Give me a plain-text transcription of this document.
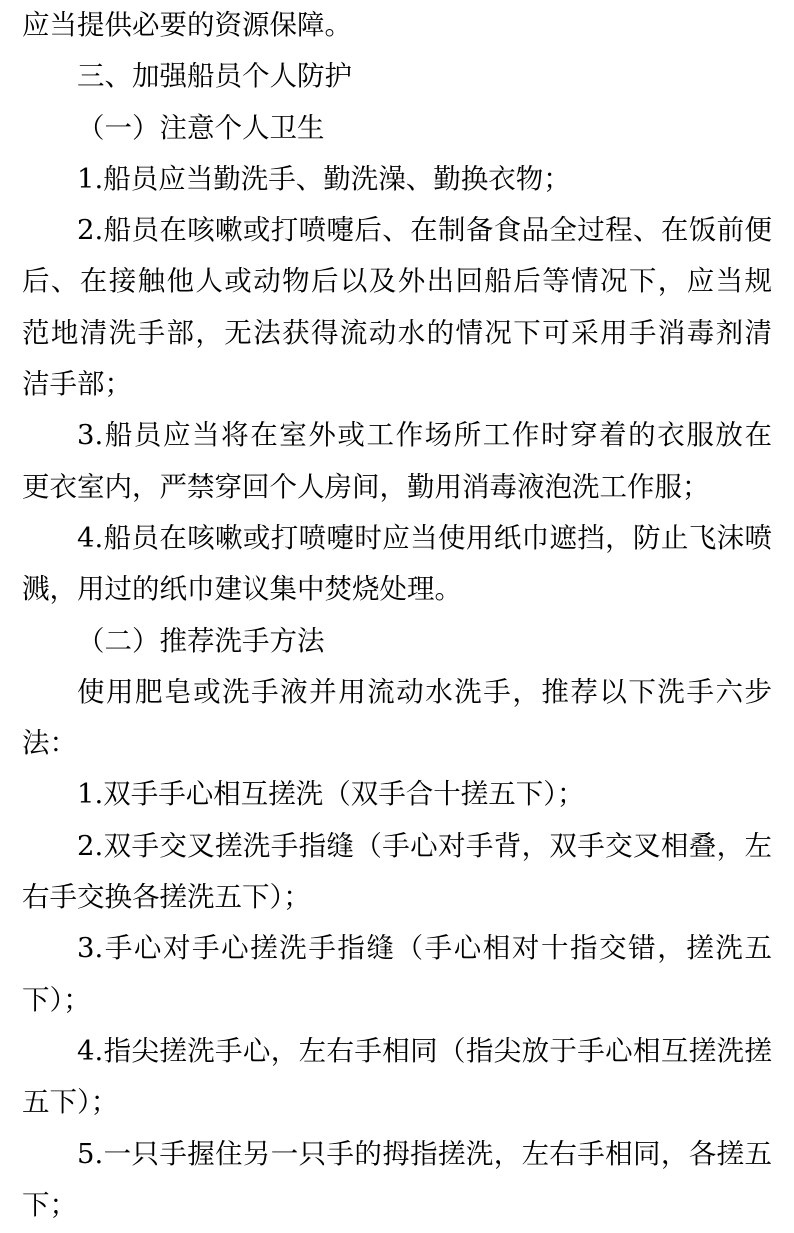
应当提供必要的资源保障。
三、加强船员个人防护
（一）注意个人卫生
1.船员应当勤洗手、勤洗澡、勤换衣物；
2.船员在咳嗽或打喷嚏后、在制备食品全过程、在饭前便
后、在接触他人或动物后以及外出回船后等情况下，应当规
范地清洗手部，无法获得流动水的情况下可采用手消毒剂清
洁手部；
3.船员应当将在室外或工作场所工作时穿着的衣服放在
更衣室内，严禁穿回个人房间，勤用消毒液泡洗工作服；
4.船员在咳嗽或打喷嚏时应当使用纸巾遮挡，防止飞沫喷
溅，用过的纸巾建议集中焚烧处理。
（二）推荐洗手方法
使用肥皂或洗手液并用流动水洗手，推荐以下洗手六步
法：
1.双手手心相互搓洗（双手合十搓五下）；
2.双手交叉搓洗手指缝（手心对手背，双手交叉相叠，左
右手交换各搓洗五下）；
3.手心对手心搓洗手指缝（手心相对十指交错，搓洗五
下）；
4.指尖搓洗手心，左右手相同（指尖放于手心相互搓洗搓
五下）；
5.一只手握住另一只手的拇指搓洗，左右手相同，各搓五
下；
